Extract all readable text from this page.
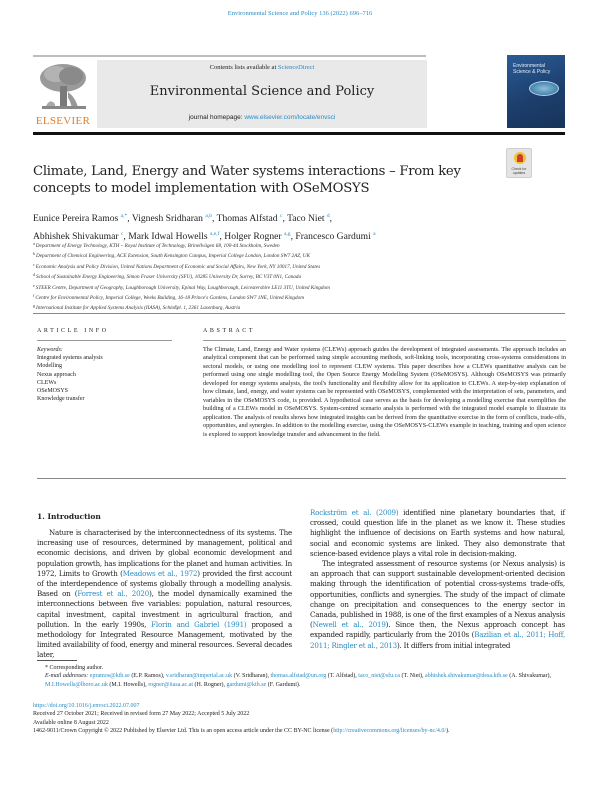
Environmental Science and Policy 136 (2022) 696–716
ELSEVIER
Contents lists available at ScienceDirect
Environmental Science and Policy
journal homepage: www.elsevier.com/locate/envsci
Environmental Science & Policy
Check for updates
Climate, Land, Energy and Water systems interactions – From key concepts to model implementation with OSeMOSYS
Eunice Pereira Ramos $^{a,*}$, Vignesh Sridharan $^{a,b}$, Thomas Alfstad $^c$, Taco Niet $^d$,
Abhishek Shivakumar $^c$, Mark Idwal Howells $^{a,e,f}$, Holger Rogner $^{a,g}$, Francesco Gardumi $^a$
$^a$Department of Energy Technology, KTH – Royal Institute of Technology, Brinellvägen 68, 100-44 Stockholm, Sweden
$^b$Department of Chemical Engineering, ACE Extension, South Kensington Campus, Imperial College London, London SW7 2AZ, UK
$^c$Economic Analysis and Policy Division, United Nations Department of Economic and Social Affairs, New York, NY 10017, United States
$^d$School of Sustainable Energy Engineering, Simon Fraser University (SFU), 10285 University Dr, Surrey, BC V3T 0N1, Canada
$^e$STEER Centre, Department of Geography, Loughborough University, Epinal Way, Loughborough, Leicestershire LE11 3TU, United Kingdom
$^f$Centre for Environmental Policy, Imperial College, Weeks Building, 16-18 Prince's Gardens, London SW7 1NE, United Kingdom
$^g$International Institute for Applied Systems Analysis (IIASA), Schloßpl. 1, 2361 Laxenburg, Austria
ARTICLE INFO	ABSTRACT
Keywords:
Integrated systems analysis
Modelling
Nexus approach
CLEWs
OSeMOSYS
Knowledge transfer

The Climate, Land, Energy and Water systems (CLEWs) approach guides the development of integrated assessments. The approach includes an analytical component that can be performed using simple accounting methods, soft-linking tools, incorporating cross-systems considerations in sectoral models, or using one modelling tool to represent CLEW systems. This paper describes how a CLEWs quantitative analysis can be performed using one single modelling tool, the Open Source Energy Modelling System (OSeMOSYS). Although OSeMOSYS was primarily developed for energy systems analysis, the tool's functionality and flexibility allow for its application to CLEWs. A step-by-step explanation of how climate, land, energy, and water systems can be represented with OSeMOSYS, complemented with the interpretation of sets, parameters, and variables in the OSeMOSYS code, is provided. A hypothetical case serves as the basis for developing a modelling exercise that exemplifies the building of a CLEWs model in OSeMOSYS. System-centred scenario analysis is performed with the integrated model example to illustrate its application. The analysis of results shows how integrated insights can be derived from the quantitative exercise in the form of conflicts, trade-offs, opportunities, and synergies. In addition to the modelling exercise, using the OSeMOSYS-CLEWs example in teaching, training and open science is explored to support knowledge transfer and advancement in the field.

1. Introduction

Nature is characterised by the interconnectedness of its systems. The increasing use of resources, determined by management, political and economic decisions, and driven by global economic development and population growth, has implications for the planet and human activities. In 1972, Limits to Growth (Meadows et al., 1972) provided the first account of the interdependence of systems globally through a modelling analysis. Based on (Forrest et al., 2020), the model dynamically examined the interconnections between five variables: population, natural resources, capital investment, capital investment in agricultural fraction, and pollution. In the early 1990s, Florin and Gabriel (1991) proposed a methodology for Integrated Resource Management, motivated by the limited availability of food, energy and mineral resources. Several decades later,

Rockström et al. (2009) identified nine planetary boundaries that, if crossed, could question life in the planet as we know it. These studies highlight the influence of decisions on Earth systems and how natural, social and economic systems are linked. They also demonstrate that science-based evidence plays a vital role in decision-making.

The integrated assessment of resource systems (or Nexus analysis) is an approach that can support sustainable development-oriented decision making through the identification of potential cross-systems trade-offs, opportunities, conflicts and synergies. The study of the impact of climate change on precipitation and consequences to the energy sector in Canada, published in 1988, is one of the first examples of a Nexus analysis (Newell et al., 2019). Since then, the Nexus approach concept has expanded rapidly, particularly from the 2010s (Bazilian et al., 2011; Hoff, 2011; Ringler et al., 2013). It differs from initial integrated

* Corresponding author.
E-mail addresses: epramos@kth.se (E.P. Ramos), v.sridharan@imperial.ac.uk (V. Sridharan), thomas.alfstad@un.org (T. Alfstad), taco_niet@sfu.ca (T. Niet), abhishek.shivakumar@desa.kth.se (A. Shivakumar), M.I.Howells@lboro.ac.uk (M.I. Howells), rogner@iiasa.ac.at (H. Rogner), gardumi@kth.se (F. Gardumi).
https://doi.org/10.1016/j.envsci.2022.07.007
Received 27 October 2021; Received in revised form 27 May 2022; Accepted 5 July 2022
Available online 8 August 2022
1462-9011/Crown Copyright © 2022 Published by Elsevier Ltd. This is an open access article under the CC BY-NC license (http://creativecommons.org/licenses/by-nc/4.0/).
